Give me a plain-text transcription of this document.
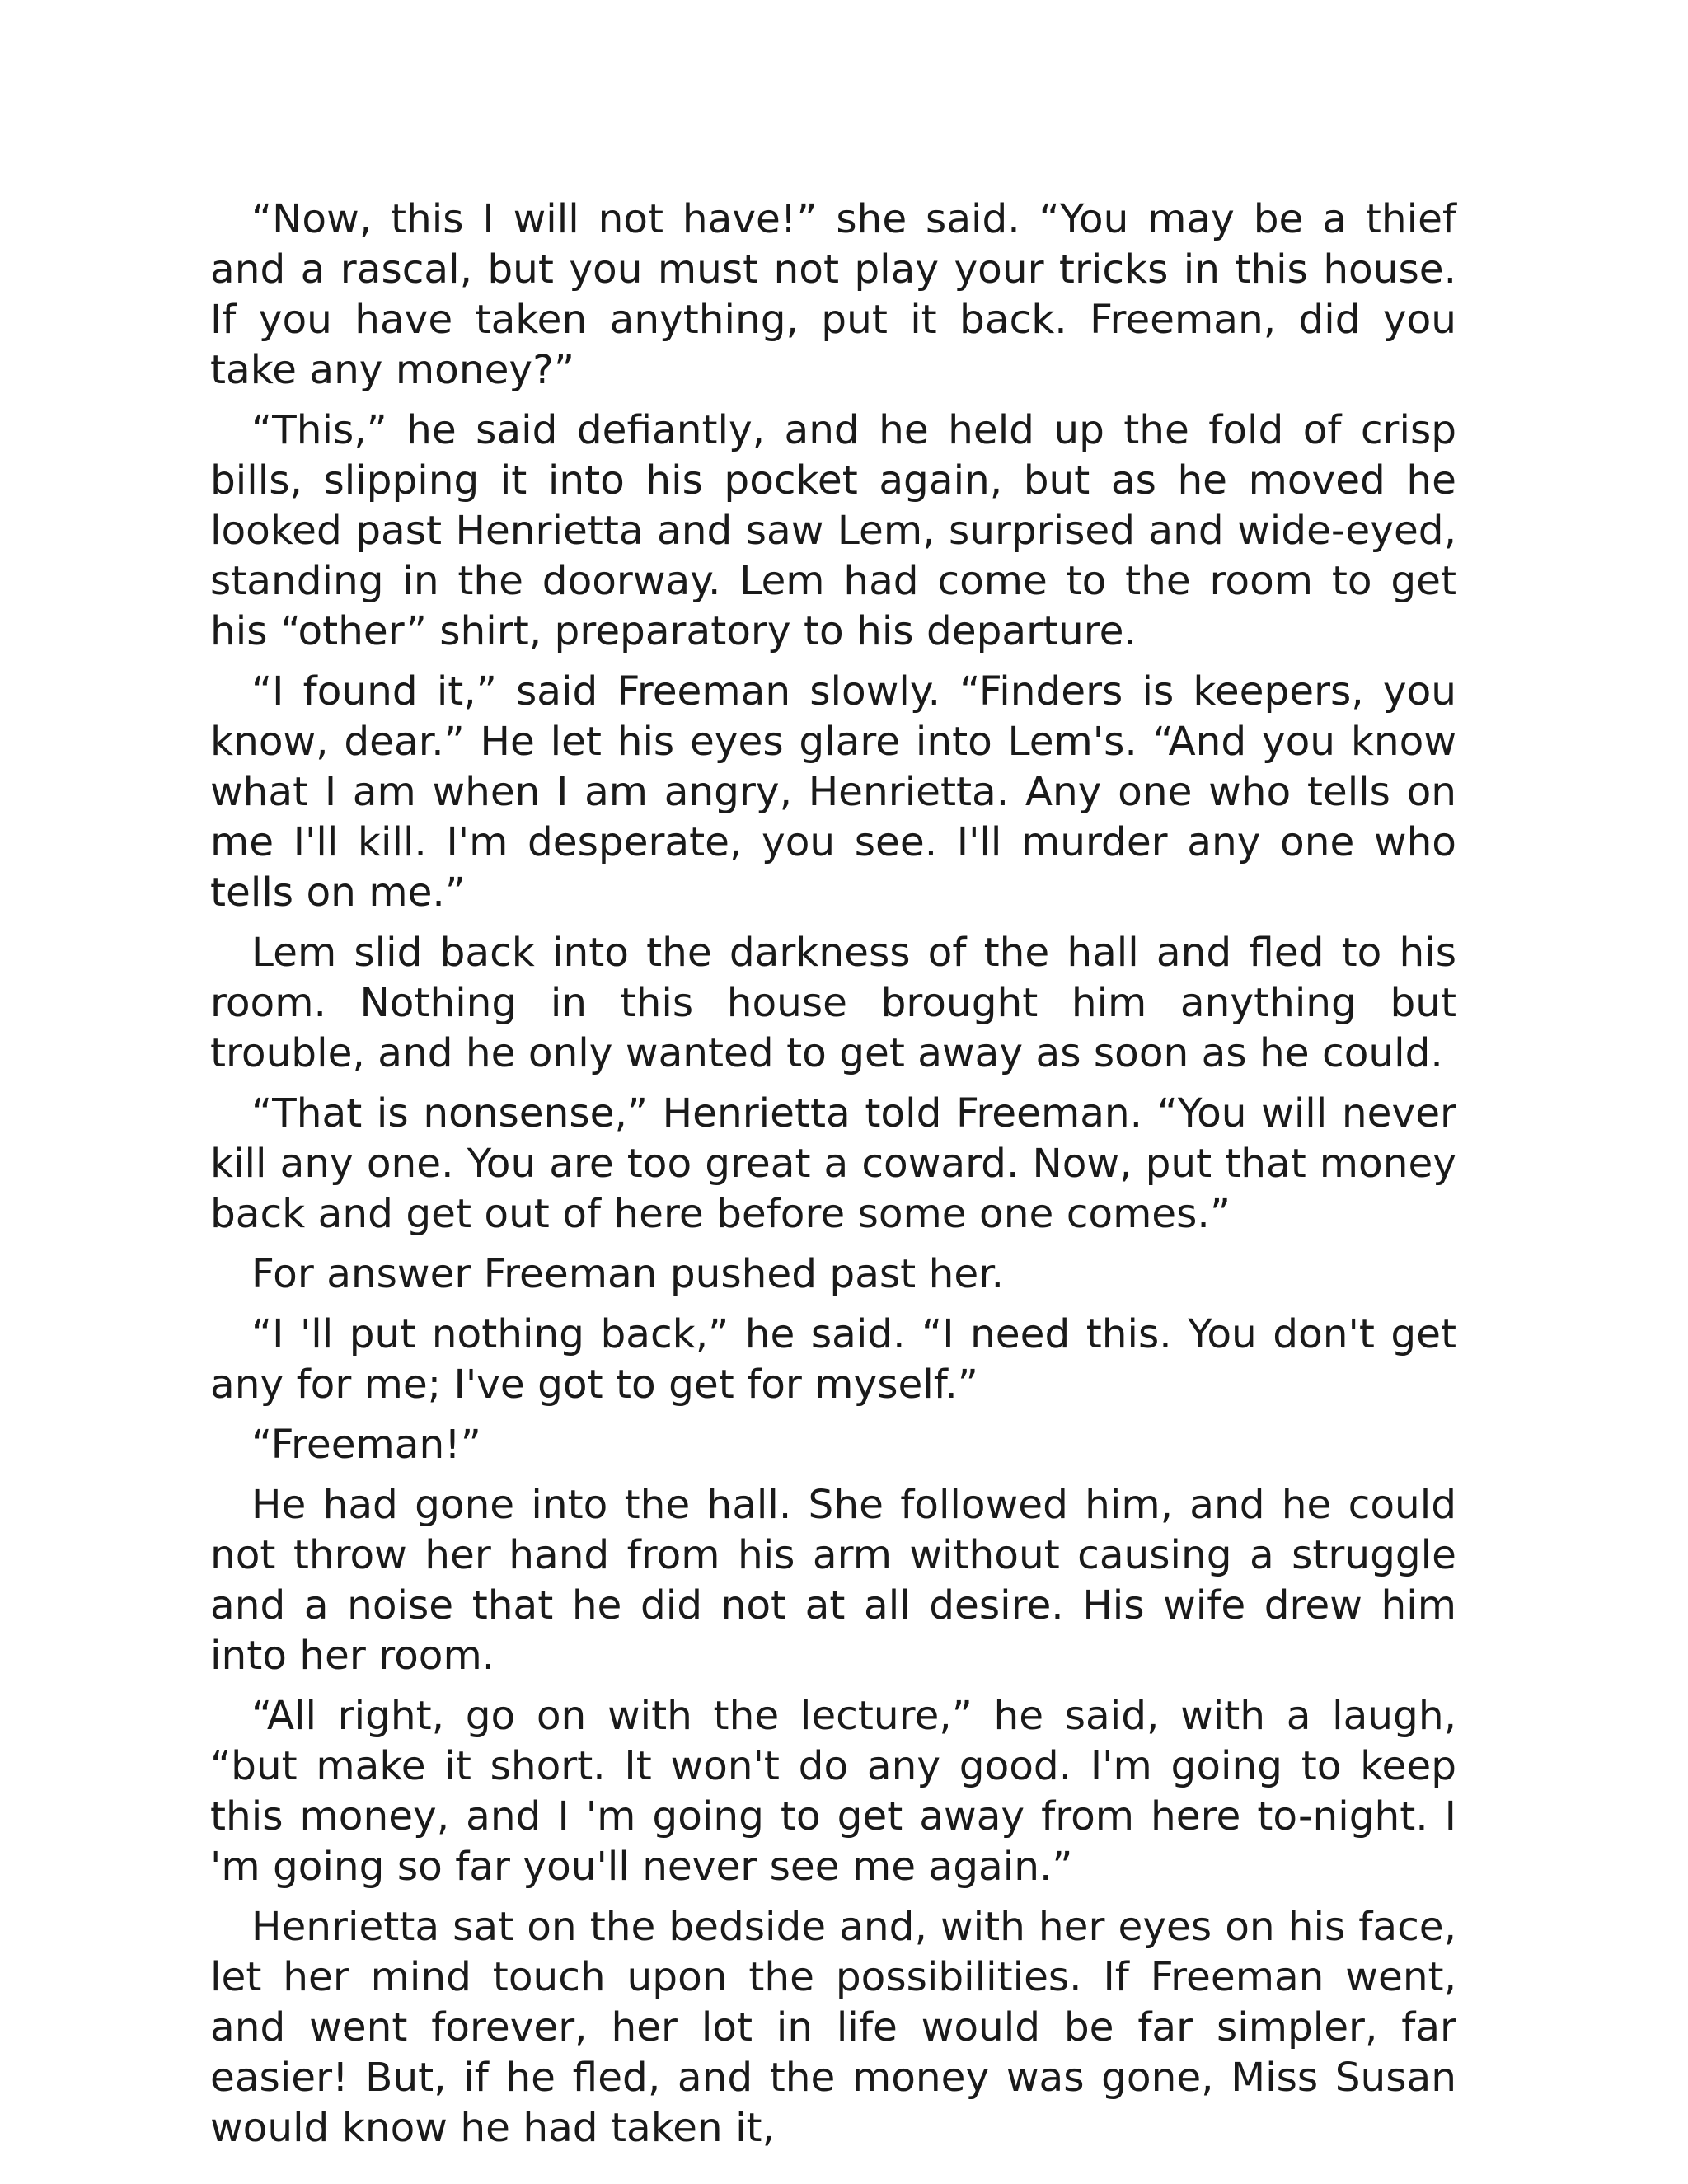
“Now, this I will not have!” she said. “You may be a thief and a rascal, but you must not play your tricks in this house. If you have taken anything, put it back. Freeman, did you take any money?”

“This,” he said defiantly, and he held up the fold of crisp bills, slipping it into his pocket again, but as he moved he looked past Henrietta and saw Lem, surprised and wide-eyed, standing in the doorway. Lem had come to the room to get his “other” shirt, preparatory to his departure.

“I found it,” said Freeman slowly. “Finders is keepers, you know, dear.” He let his eyes glare into Lem's. “And you know what I am when I am angry, Henrietta. Any one who tells on me I'll kill. I'm desperate, you see. I'll murder any one who tells on me.”

Lem slid back into the darkness of the hall and fled to his room. Nothing in this house brought him anything but trouble, and he only wanted to get away as soon as he could.

“That is nonsense,” Henrietta told Freeman. “You will never kill any one. You are too great a coward. Now, put that money back and get out of here before some one comes.”

For answer Freeman pushed past her.

“I 'll put nothing back,” he said. “I need this. You don't get any for me; I've got to get for myself.”

“Freeman!”

He had gone into the hall. She followed him, and he could not throw her hand from his arm without causing a struggle and a noise that he did not at all desire. His wife drew him into her room.

“All right, go on with the lecture,” he said, with a laugh, “but make it short. It won't do any good. I'm going to keep this money, and I 'm going to get away from here to-night. I 'm going so far you'll never see me again.”

Henrietta sat on the bedside and, with her eyes on his face, let her mind touch upon the possibilities. If Freeman went, and went forever, her lot in life would be far simpler, far easier! But, if he fled, and the money was gone, Miss Susan would know he had taken it,
